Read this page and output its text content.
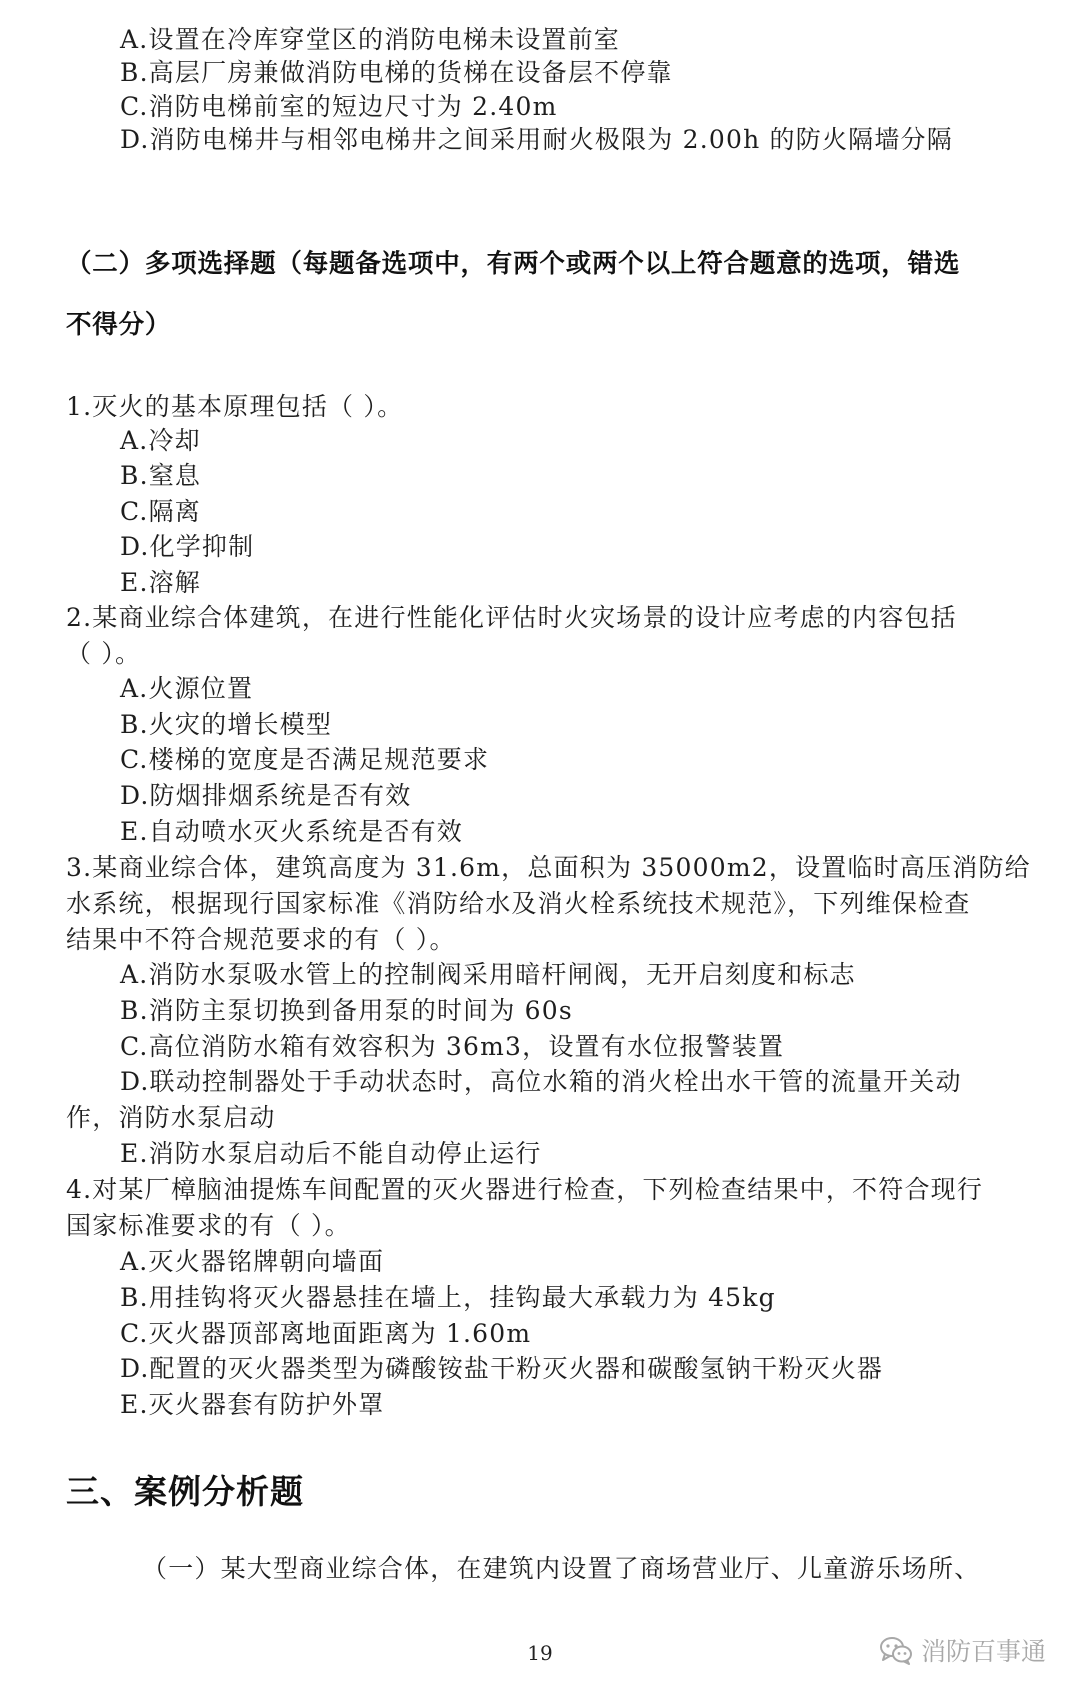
A.设置在冷库穿堂区的消防电梯未设置前室
B.高层厂房兼做消防电梯的货梯在设备层不停靠
C.消防电梯前室的短边尺寸为 2.40m
D.消防电梯井与相邻电梯井之间采用耐火极限为 2.00h 的防火隔墙分隔
（二）多项选择题（每题备选项中，有两个或两个以上符合题意的选项，错选
不得分）
1.灭火的基本原理包括（ ）。
A.冷却
B.窒息
C.隔离
D.化学抑制
E.溶解
2.某商业综合体建筑，在进行性能化评估时火灾场景的设计应考虑的内容包括
（ ）。
A.火源位置
B.火灾的增长模型
C.楼梯的宽度是否满足规范要求
D.防烟排烟系统是否有效
E.自动喷水灭火系统是否有效
3.某商业综合体，建筑高度为 31.6m，总面积为 35000m2，设置临时高压消防给
水系统，根据现行国家标准《消防给水及消火栓系统技术规范》，下列维保检查
结果中不符合规范要求的有（ ）。
A.消防水泵吸水管上的控制阀采用暗杆闸阀，无开启刻度和标志
B.消防主泵切换到备用泵的时间为 60s
C.高位消防水箱有效容积为 36m3，设置有水位报警装置
D.联动控制器处于手动状态时，高位水箱的消火栓出水干管的流量开关动
作，消防水泵启动
E.消防水泵启动后不能自动停止运行
4.对某厂樟脑油提炼车间配置的灭火器进行检查，下列检查结果中，不符合现行
国家标准要求的有（ ）。
A.灭火器铭牌朝向墙面
B.用挂钩将灭火器悬挂在墙上，挂钩最大承载力为 45kg
C.灭火器顶部离地面距离为 1.60m
D.配置的灭火器类型为磷酸铵盐干粉灭火器和碳酸氢钠干粉灭火器
E.灭火器套有防护外罩
三、案例分析题
（一）某大型商业综合体，在建筑内设置了商场营业厅、儿童游乐场所、
19	消防百事通
